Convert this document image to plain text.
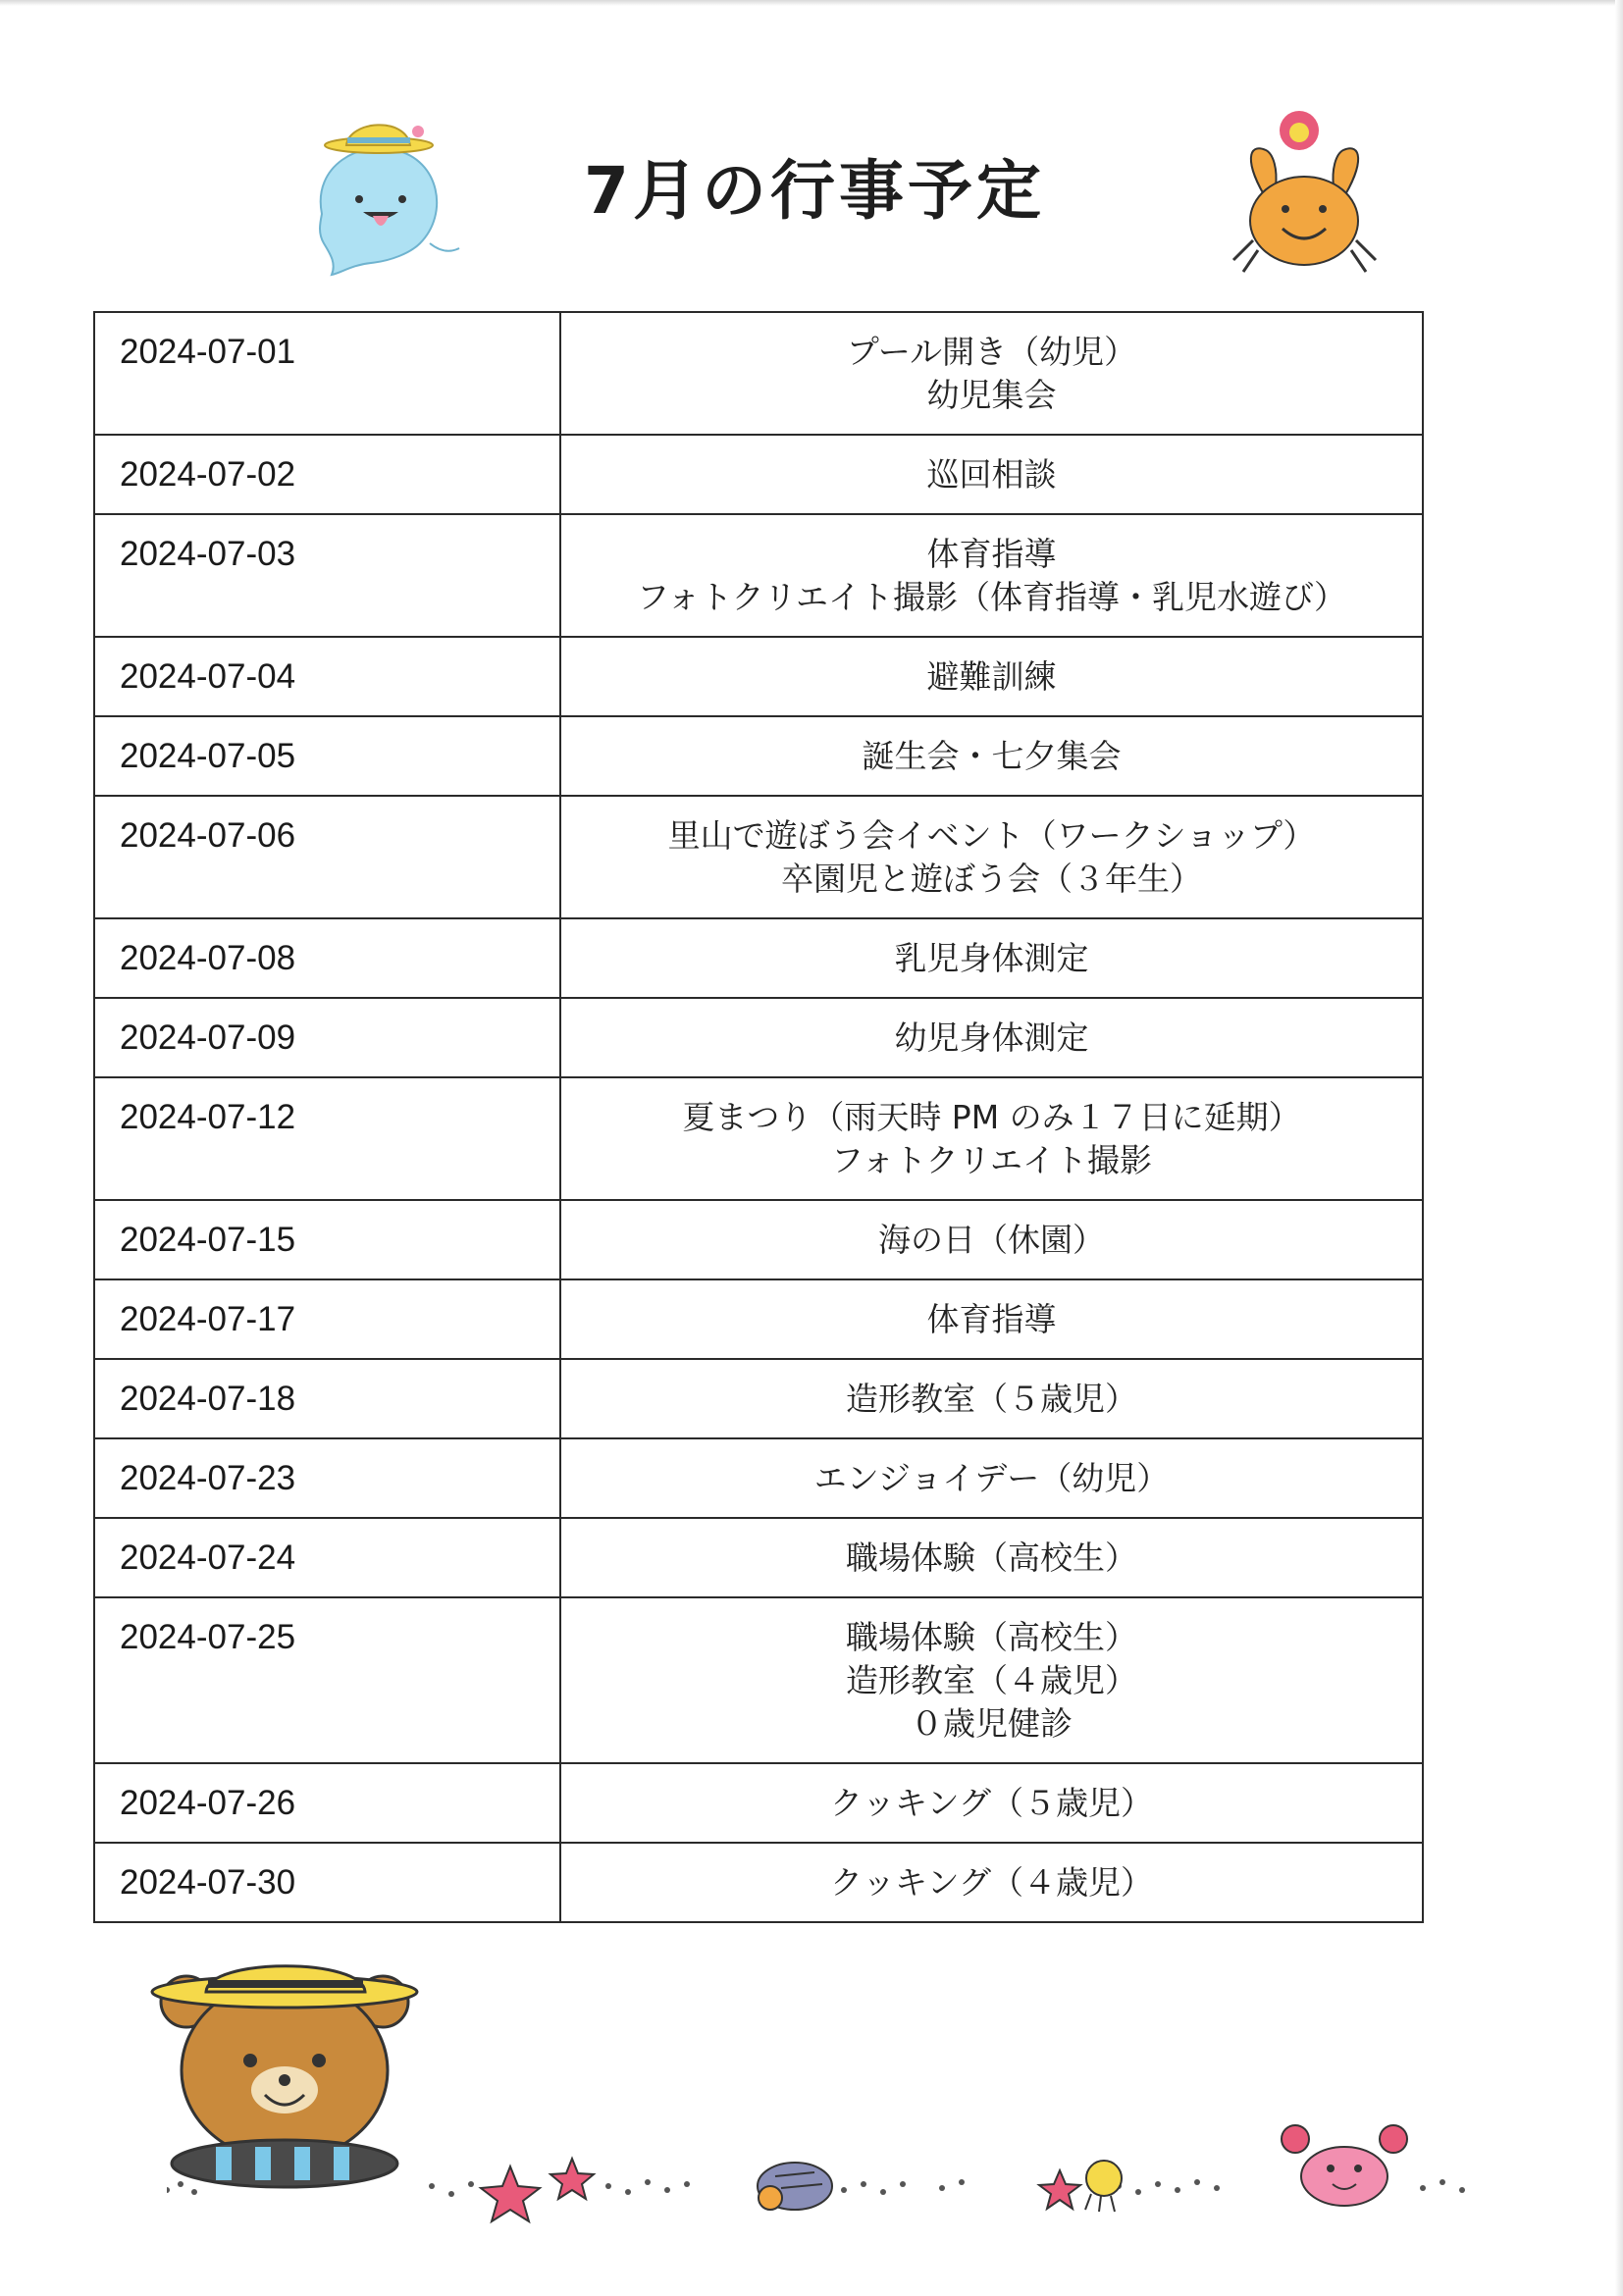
7月の行事予定
2024-07-01	プール開き（幼児）
幼児集会

2024-07-02	巡回相談

2024-07-03	体育指導
フォトクリエイト撮影（体育指導・乳児水遊び）

2024-07-04	避難訓練

2024-07-05	誕生会・七夕集会

2024-07-06	里山で遊ぼう会イベント（ワークショップ）
卒園児と遊ぼう会（３年生）

2024-07-08	乳児身体測定

2024-07-09	幼児身体測定

2024-07-12	夏まつり（雨天時 PM のみ１７日に延期）
フォトクリエイト撮影

2024-07-15	海の日（休園）

2024-07-17	体育指導

2024-07-18	造形教室（５歳児）

2024-07-23	エンジョイデー（幼児）

2024-07-24	職場体験（高校生）

2024-07-25	職場体験（高校生）
造形教室（４歳児）
０歳児健診

2024-07-26	クッキング（５歳児）

2024-07-30	クッキング（４歳児）
